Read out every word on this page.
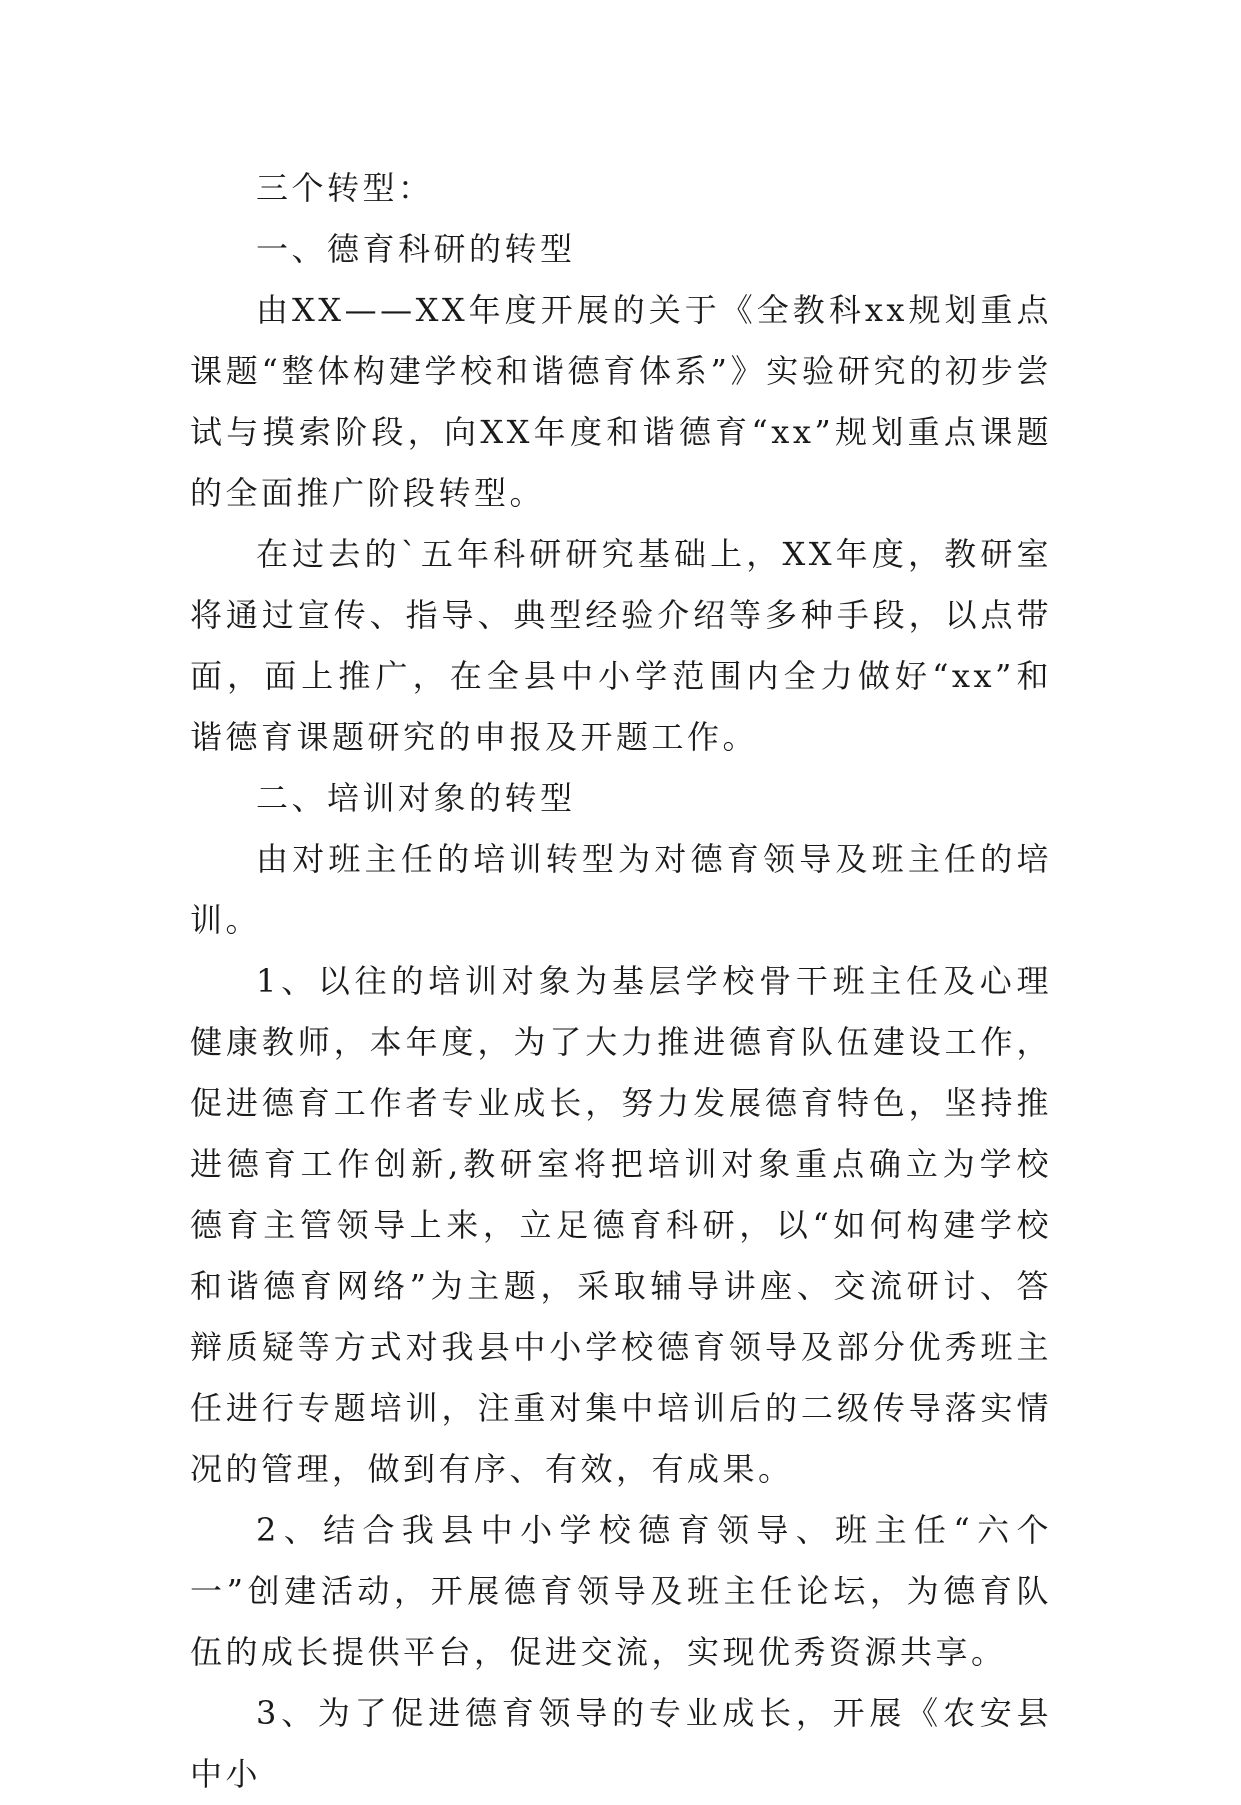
三个转型：

一、德育科研的转型

由XX——XX年度开展的关于《全教科xx规划重点课题“整体构建学校和谐德育体系”》实验研究的初步尝试与摸索阶段，向XX年度和谐德育“xx”规划重点课题的全面推广阶段转型。

在过去的`五年科研研究基础上，XX年度，教研室将通过宣传、指导、典型经验介绍等多种手段，以点带面，面上推广，在全县中小学范围内全力做好“xx”和谐德育课题研究的申报及开题工作。

二、培训对象的转型

由对班主任的培训转型为对德育领导及班主任的培训。

1、以往的培训对象为基层学校骨干班主任及心理健康教师，本年度，为了大力推进德育队伍建设工作，促进德育工作者专业成长，努力发展德育特色，坚持推进德育工作创新,教研室将把培训对象重点确立为学校德育主管领导上来，立足德育科研，以“如何构建学校和谐德育网络”为主题，采取辅导讲座、交流研讨、答辩质疑等方式对我县中小学校德育领导及部分优秀班主任进行专题培训，注重对集中培训后的二级传导落实情况的管理，做到有序、有效，有成果。

2、结合我县中小学校德育领导、班主任“六个一”创建活动，开展德育领导及班主任论坛，为德育队伍的成长提供平台，促进交流，实现优秀资源共享。

3、为了促进德育领导的专业成长，开展《农安县中小
